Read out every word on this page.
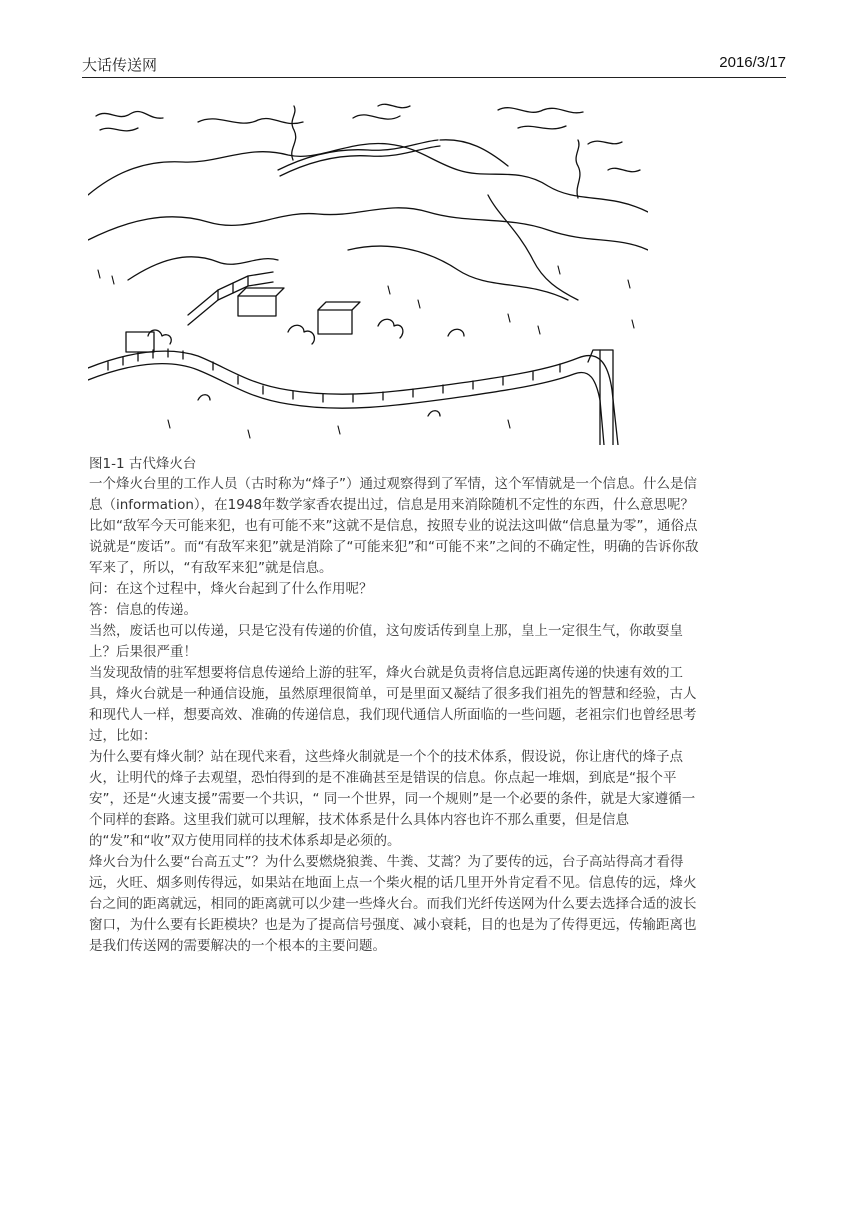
大话传送网	2016/3/17
图1-1 古代烽火台

一个烽火台里的工作人员（古时称为“烽子”）通过观察得到了军情，这个军情就是一个信息。什么是信息（information），在1948年数学家香农提出过，信息是用来消除随机不定性的东西，什么意思呢？比如“敌军今天可能来犯，也有可能不来”这就不是信息，按照专业的说法这叫做“信息量为零”，通俗点说就是“废话”。而“有敌军来犯”就是消除了“可能来犯”和“可能不来”之间的不确定性，明确的告诉你敌军来了，所以，“有敌军来犯”就是信息。

问：在这个过程中，烽火台起到了什么作用呢？

答：信息的传递。

当然，废话也可以传递，只是它没有传递的价值，这句废话传到皇上那，皇上一定很生气，你敢耍皇上？后果很严重！

当发现敌情的驻军想要将信息传递给上游的驻军，烽火台就是负责将信息远距离传递的快速有效的工具，烽火台就是一种通信设施，虽然原理很简单，可是里面又凝结了很多我们祖先的智慧和经验，古人和现代人一样，想要高效、准确的传递信息，我们现代通信人所面临的一些问题，老祖宗们也曾经思考过，比如：

为什么要有烽火制？站在现代来看，这些烽火制就是一个个的技术体系，假设说，你让唐代的烽子点火，让明代的烽子去观望，恐怕得到的是不准确甚至是错误的信息。你点起一堆烟，到底是“报个平安”，还是“火速支援”需要一个共识，“ 同一个世界，同一个规则”是一个必要的条件，就是大家遵循一个同样的套路。这里我们就可以理解，技术体系是什么具体内容也许不那么重要，但是信息的“发”和“收”双方使用同样的技术体系却是必须的。

烽火台为什么要“台高五丈”？为什么要燃烧狼粪、牛粪、艾蒿？为了要传的远，台子高站得高才看得远，火旺、烟多则传得远，如果站在地面上点一个柴火棍的话几里开外肯定看不见。信息传的远，烽火台之间的距离就远，相同的距离就可以少建一些烽火台。而我们光纤传送网为什么要去选择合适的波长窗口，为什么要有长距模块？也是为了提高信号强度、减小衰耗，目的也是为了传得更远，传输距离也是我们传送网的需要解决的一个根本的主要问题。
